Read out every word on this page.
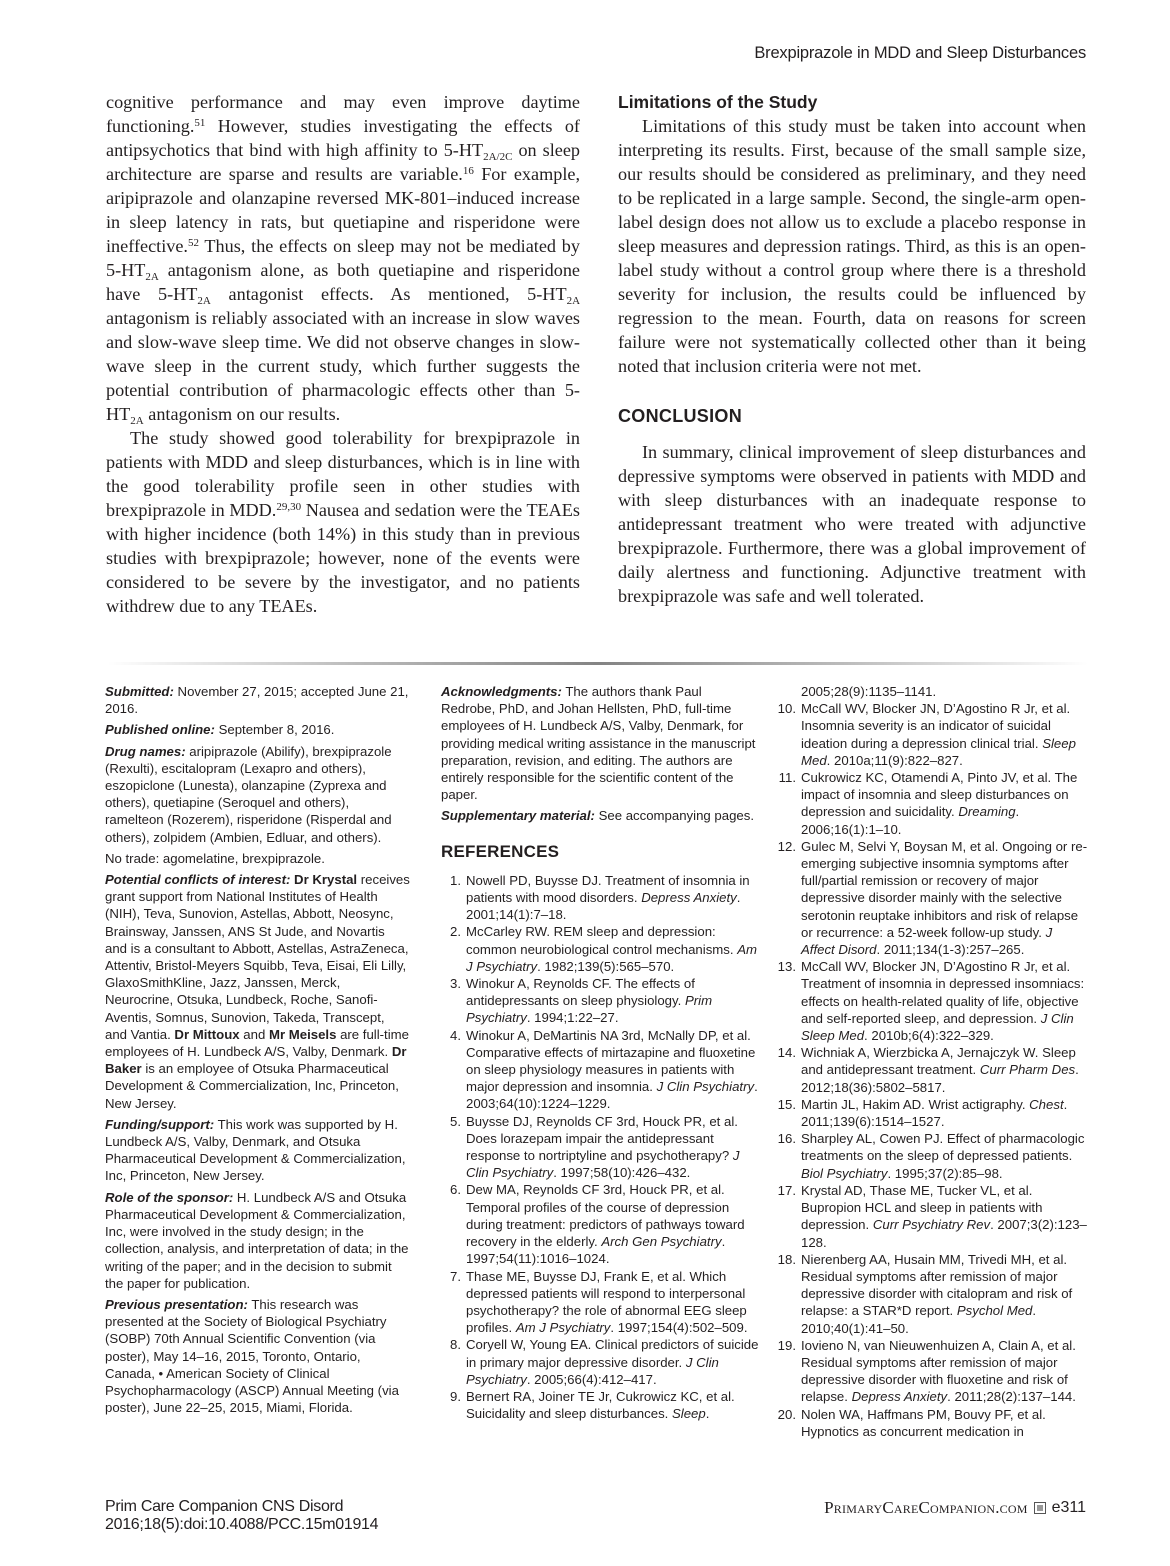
Brexpiprazole in MDD and Sleep Disturbances

cognitive performance and may even improve daytime functioning.$^{51}$ However, studies investigating the effects of antipsychotics that bind with high affinity to $5-HT_{2A/2C}$ on sleep architecture are sparse and results are variable.$^{16}$ For example, aripiprazole and olanzapine reversed MK-801–induced increase in sleep latency in rats, but quetiapine and risperidone were ineffective.$^{52}$ Thus, the effects on sleep may not be mediated by $5-HT_{2A}$ antagonism alone, as both quetiapine and risperidone have $5-HT_{2A}$ antagonist effects. As mentioned, $5-HT_{2A}$ antagonism is reliably associated with an increase in slow waves and slow-wave sleep time. We did not observe changes in slow-wave sleep in the current study, which further suggests the potential contribution of pharmacologic effects other than $5-HT_{2A}$ antagonism on our results.

The study showed good tolerability for brexpiprazole in patients with MDD and sleep disturbances, which is in line with the good tolerability profile seen in other studies with brexpiprazole in MDD.$^{29,30}$ Nausea and sedation were the TEAEs with higher incidence (both 14%) in this study than in previous studies with brexpiprazole; however, none of the events were considered to be severe by the investigator, and no patients withdrew due to any TEAEs.

Limitations of the Study

Limitations of this study must be taken into account when interpreting its results. First, because of the small sample size, our results should be considered as preliminary, and they need to be replicated in a large sample. Second, the single-arm open-label design does not allow us to exclude a placebo response in sleep measures and depression ratings. Third, as this is an open-label study without a control group where there is a threshold severity for inclusion, the results could be influenced by regression to the mean. Fourth, data on reasons for screen failure were not systematically collected other than it being noted that inclusion criteria were not met.

CONCLUSION

In summary, clinical improvement of sleep disturbances and depressive symptoms were observed in patients with MDD and with sleep disturbances with an inadequate response to antidepressant treatment who were treated with adjunctive brexpiprazole. Furthermore, there was a global improvement of daily alertness and functioning. Adjunctive treatment with brexpiprazole was safe and well tolerated.

Submitted: November 27, 2015; accepted June 21, 2016.

Published online: September 8, 2016.

Drug names: aripiprazole (Abilify), brexpiprazole (Rexulti), escitalopram (Lexapro and others), eszopiclone (Lunesta), olanzapine (Zyprexa and others), quetiapine (Seroquel and others), ramelteon (Rozerem), risperidone (Risperdal and others), zolpidem (Ambien, Edluar, and others).

No trade: agomelatine, brexpiprazole.

Potential conflicts of interest: Dr Krystal receives grant support from National Institutes of Health (NIH), Teva, Sunovion, Astellas, Abbott, Neosync, Brainsway, Janssen, ANS St Jude, and Novartis and is a consultant to Abbott, Astellas, AstraZeneca, Attentiv, Bristol-Meyers Squibb, Teva, Eisai, Eli Lilly, GlaxoSmithKline, Jazz, Janssen, Merck, Neurocrine, Otsuka, Lundbeck, Roche, Sanofi-Aventis, Somnus, Sunovion, Takeda, Transcept, and Vantia. Dr Mittoux and Mr Meisels are full-time employees of H. Lundbeck A/S, Valby, Denmark. Dr Baker is an employee of Otsuka Pharmaceutical Development & Commercialization, Inc, Princeton, New Jersey.

Funding/support: This work was supported by H. Lundbeck A/S, Valby, Denmark, and Otsuka Pharmaceutical Development & Commercialization, Inc, Princeton, New Jersey.

Role of the sponsor: H. Lundbeck A/S and Otsuka Pharmaceutical Development & Commercialization, Inc, were involved in the study design; in the collection, analysis, and interpretation of data; in the writing of the paper; and in the decision to submit the paper for publication.

Previous presentation: This research was presented at the Society of Biological Psychiatry (SOBP) 70th Annual Scientific Convention (via poster), May 14–16, 2015, Toronto, Ontario, Canada, • American Society of Clinical Psychopharmacology (ASCP) Annual Meeting (via poster), June 22–25, 2015, Miami, Florida.

Acknowledgments: The authors thank Paul Redrobe, PhD, and Johan Hellsten, PhD, full-time employees of H. Lundbeck A/S, Valby, Denmark, for providing medical writing assistance in the manuscript preparation, revision, and editing. The authors are entirely responsible for the scientific content of the paper.

Supplementary material: See accompanying pages.

REFERENCES
1. Nowell PD, Buysse DJ. Treatment of insomnia in patients with mood disorders. Depress Anxiety. 2001;14(1):7–18.
2. McCarley RW. REM sleep and depression: common neurobiological control mechanisms. Am J Psychiatry. 1982;139(5):565–570.
3. Winokur A, Reynolds CF. The effects of antidepressants on sleep physiology. Prim Psychiatry. 1994;1:22–27.
4. Winokur A, DeMartinis NA 3rd, McNally DP, et al. Comparative effects of mirtazapine and fluoxetine on sleep physiology measures in patients with major depression and insomnia. J Clin Psychiatry. 2003;64(10):1224–1229.
5. Buysse DJ, Reynolds CF 3rd, Houck PR, et al. Does lorazepam impair the antidepressant response to nortriptyline and psychotherapy? J Clin Psychiatry. 1997;58(10):426–432.
6. Dew MA, Reynolds CF 3rd, Houck PR, et al. Temporal profiles of the course of depression during treatment: predictors of pathways toward recovery in the elderly. Arch Gen Psychiatry. 1997;54(11):1016–1024.
7. Thase ME, Buysse DJ, Frank E, et al. Which depressed patients will respond to interpersonal psychotherapy? the role of abnormal EEG sleep profiles. Am J Psychiatry. 1997;154(4):502–509.
8. Coryell W, Young EA. Clinical predictors of suicide in primary major depressive disorder. J Clin Psychiatry. 2005;66(4):412–417.
9. Bernert RA, Joiner TE Jr, Cukrowicz KC, et al. Suicidality and sleep disturbances. Sleep.
2005;28(9):1135–1141.
10. McCall WV, Blocker JN, D’Agostino R Jr, et al. Insomnia severity is an indicator of suicidal ideation during a depression clinical trial. Sleep Med. 2010a;11(9):822–827.
11. Cukrowicz KC, Otamendi A, Pinto JV, et al. The impact of insomnia and sleep disturbances on depression and suicidality. Dreaming. 2006;16(1):1–10.
12. Gulec M, Selvi Y, Boysan M, et al. Ongoing or re-emerging subjective insomnia symptoms after full/partial remission or recovery of major depressive disorder mainly with the selective serotonin reuptake inhibitors and risk of relapse or recurrence: a 52-week follow-up study. J Affect Disord. 2011;134(1-3):257–265.
13. McCall WV, Blocker JN, D’Agostino R Jr, et al. Treatment of insomnia in depressed insomniacs: effects on health-related quality of life, objective and self-reported sleep, and depression. J Clin Sleep Med. 2010b;6(4):322–329.
14. Wichniak A, Wierzbicka A, Jernajczyk W. Sleep and antidepressant treatment. Curr Pharm Des. 2012;18(36):5802–5817.
15. Martin JL, Hakim AD. Wrist actigraphy. Chest. 2011;139(6):1514–1527.
16. Sharpley AL, Cowen PJ. Effect of pharmacologic treatments on the sleep of depressed patients. Biol Psychiatry. 1995;37(2):85–98.
17. Krystal AD, Thase ME, Tucker VL, et al. Bupropion HCL and sleep in patients with depression. Curr Psychiatry Rev. 2007;3(2):123–128.
18. Nierenberg AA, Husain MM, Trivedi MH, et al. Residual symptoms after remission of major depressive disorder with citalopram and risk of relapse: a STAR*D report. Psychol Med. 2010;40(1):41–50.
19. Iovieno N, van Nieuwenhuizen A, Clain A, et al. Residual symptoms after remission of major depressive disorder with fluoxetine and risk of relapse. Depress Anxiety. 2011;28(2):137–144.
20. Nolen WA, Haffmans PM, Bouvy PF, et al. Hypnotics as concurrent medication in
Prim Care Companion CNS Disord
2016;18(5):doi:10.4088/PCC.15m01914
PrimaryCareCompanion.com e311
